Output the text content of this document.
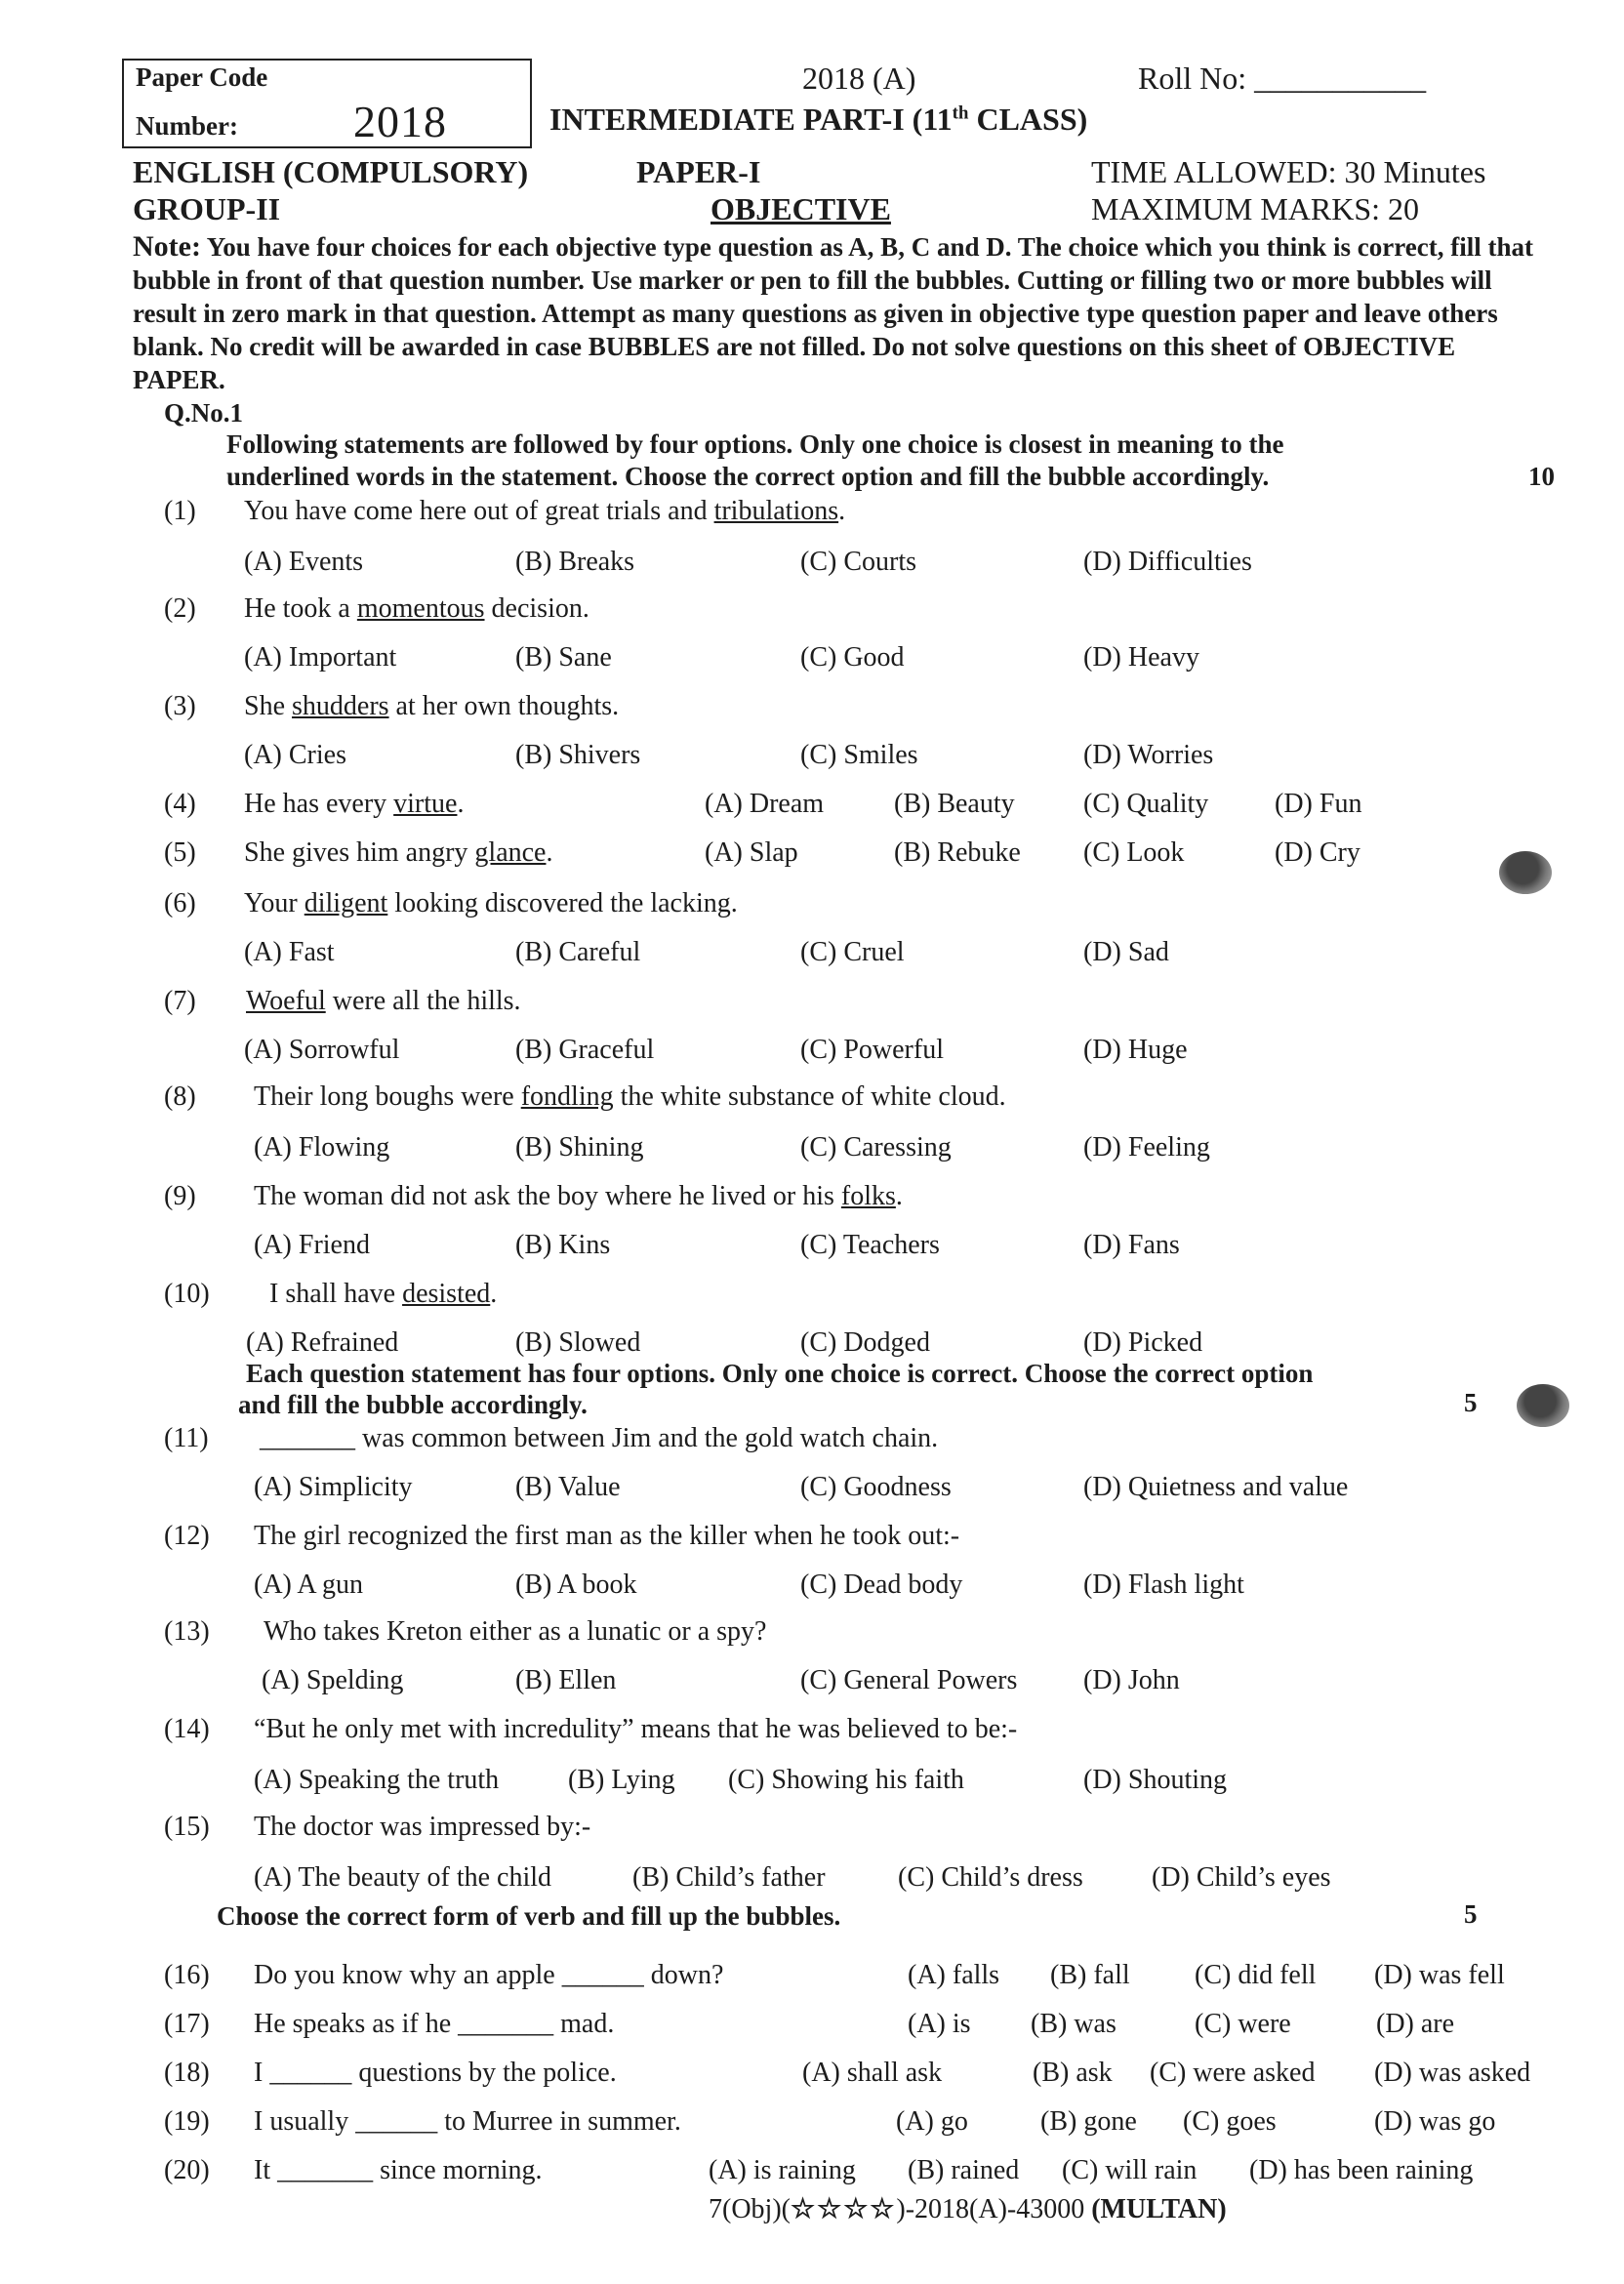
Paper Code
Number:	2018
2018 (A)	Roll No: ___________
INTERMEDIATE PART-I (11th CLASS)
ENGLISH (COMPULSORY)	PAPER-I	TIME ALLOWED: 30 Minutes
GROUP-II	OBJECTIVE	MAXIMUM MARKS: 20
Note: You have four choices for each objective type question as A, B, C and D. The choice which you think is correct, fill that bubble in front of that question number. Use marker or pen to fill the bubbles. Cutting or filling two or more bubbles will result in zero mark in that question. Attempt as many questions as given in objective type question paper and leave others blank. No credit will be awarded in case BUBBLES are not filled. Do not solve questions on this sheet of OBJECTIVE PAPER.
Q.No.1
Following statements are followed by four options. Only one choice is closest in meaning to the
underlined words in the statement. Choose the correct option and fill the bubble accordingly.	10
Each question statement has four options. Only one choice is correct. Choose the correct option
and fill the bubble accordingly.	5
Choose the correct form of verb and fill up the bubbles.	5
(1) You have come here out of great trials and tribulations.
(A) Events	(B) Breaks	(C) Courts	(D) Difficulties
(2) He took a momentous decision.
(A) Important	(B) Sane	(C) Good	(D) Heavy
(3) She shudders at her own thoughts.
(A) Cries	(B) Shivers	(C) Smiles	(D) Worries
(4) He has every virtue.	(A) Dream	(B) Beauty	(C) Quality (D) Fun
(5) She gives him angry glance.	(A) Slap	(B) Rebuke (C) Look	(D) Cry
(6) Your diligent looking discovered the lacking.
(A) Fast	(B) Careful	(C) Cruel	(D) Sad
(7) Woeful were all the hills.
(A) Sorrowful	(B) Graceful	(C) Powerful	(D) Huge
(8) Their long boughs were fondling the white substance of white cloud.
(A) Flowing	(B) Shining	(C) Caressing	(D) Feeling
(9) The woman did not ask the boy where he lived or his folks.
(A) Friend	(B) Kins	(C) Teachers	(D) Fans
(10) I shall have desisted.
(A) Refrained	(B) Slowed	(C) Dodged	(D) Picked
(11) _______ was common between Jim and the gold watch chain.
(A) Simplicity	(B) Value	(C) Goodness	(D) Quietness and value
(12) The girl recognized the first man as the killer when he took out:-
(A) A gun	(B) A book	(C) Dead body	(D) Flash light
(13) Who takes Kreton either as a lunatic or a spy?
(A) Spelding	(B) Ellen	(C) General Powers (D) John
(14) “But he only met with incredulity” means that he was believed to be:-
(A) Speaking the truth	(B) Lying (C) Showing his faith	(D) Shouting
(15) The doctor was impressed by:-
(A) The beauty of the child	(B) Child’s father	(C) Child’s dress	(D) Child’s eyes
(16) Do you know why an apple ______ down?	(A) falls (B) fall (C) did fell (D) was fell
(17) He speaks as if he _______ mad.	(A) is (B) was	(C) were	(D) are
(18) I ______ questions by the police.	(A) shall ask	(B) ask (C) were asked (D) was asked
(19) I usually ______ to Murree in summer.	(A) go	(B) gone (C) goes	(D) was go
(20) It _______ since morning.	(A) is raining (B) rained (C) will rain (D) has been raining
7(Obj)(☆☆☆☆)-2018(A)-43000 (MULTAN)
